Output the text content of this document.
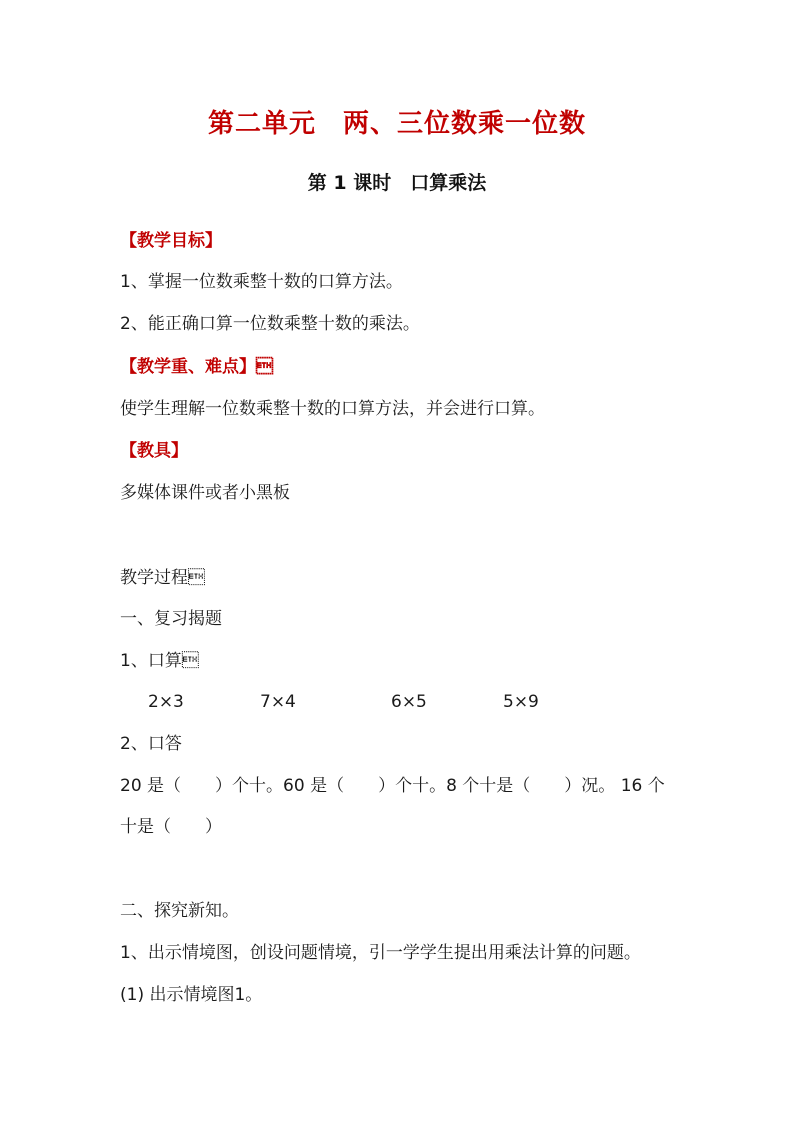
第二单元　两、三位数乘一位数
第 1 课时　口算乘法
【教学目标】
1、掌握一位数乘整十数的口算方法。
2、能正确口算一位数乘整十数的乘法。
【教学重、难点】
使学生理解一位数乘整十数的口算方法，并会进行口算。
【教具】
多媒体课件或者小黑板
教学过程
一、复习揭题
1、口算
2×3	7×4	6×5	5×9
2、口答
20 是（　　）个十。60 是（　　）个十。8 个十是（　　）况。 16 个
十是（　　）
二、探究新知。
1、出示情境图，创设问题情境，引一学学生提出用乘法计算的问题。
(1) 出示情境图1。
